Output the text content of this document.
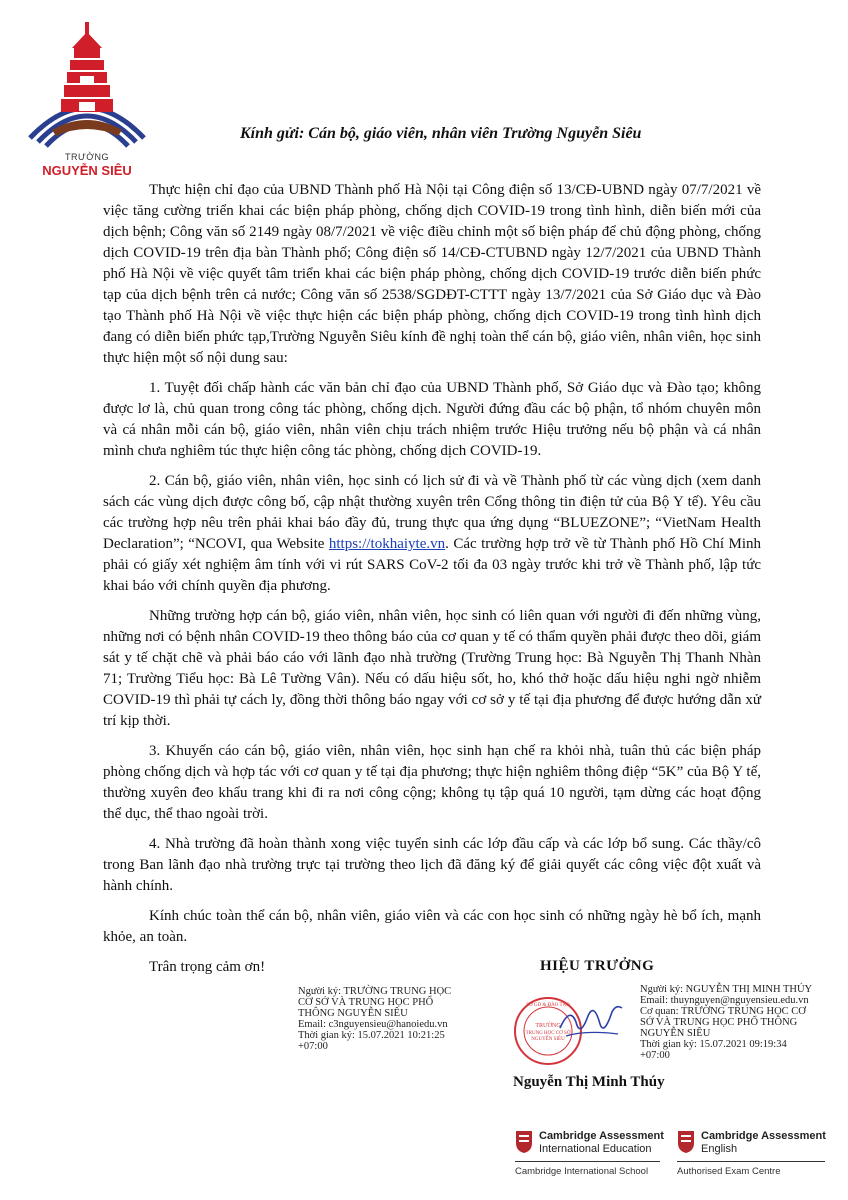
TRƯỜNG
NGUYỄN SIÊU
Kính gửi: Cán bộ, giáo viên, nhân viên Trường Nguyễn Siêu

Thực hiện chỉ đạo của UBND Thành phố Hà Nội tại Công điện số 13/CĐ-UBND ngày 07/7/2021 về việc tăng cường triển khai các biện pháp phòng, chống dịch COVID-19 trong tình hình, diễn biến mới của dịch bệnh; Công văn số 2149 ngày 08/7/2021 về việc điều chỉnh một số biện pháp để chủ động phòng, chống dịch COVID-19 trên địa bàn Thành phố; Công điện số 14/CĐ-CTUBND ngày 12/7/2021 của UBND Thành phố Hà Nội về việc quyết tâm triển khai các biện pháp phòng, chống dịch COVID-19 trước diễn biến phức tạp của dịch bệnh trên cả nước; Công văn số 2538/SGDĐT-CTTT ngày 13/7/2021 của Sở Giáo dục và Đào tạo Thành phố Hà Nội về việc thực hiện các biện pháp phòng, chống dịch COVID-19 trong tình hình dịch đang có diễn biến phức tạp,Trường Nguyễn Siêu kính đề nghị toàn thể cán bộ, giáo viên, nhân viên, học sinh thực hiện một số nội dung sau:

1. Tuyệt đối chấp hành các văn bản chỉ đạo của UBND Thành phố, Sở Giáo dục và Đào tạo; không được lơ là, chủ quan trong công tác phòng, chống dịch. Người đứng đầu các bộ phận, tổ nhóm chuyên môn và cá nhân mỗi cán bộ, giáo viên, nhân viên chịu trách nhiệm trước Hiệu trưởng nếu bộ phận và cá nhân mình chưa nghiêm túc thực hiện công tác phòng, chống dịch COVID-19.

2. Cán bộ, giáo viên, nhân viên, học sinh có lịch sử đi và về Thành phố từ các vùng dịch (xem danh sách các vùng dịch được công bố, cập nhật thường xuyên trên Cổng thông tin điện tử của Bộ Y tế). Yêu cầu các trường hợp nêu trên phải khai báo đầy đủ, trung thực qua ứng dụng “BLUEZONE”; “VietNam Health Declaration”; “NCOVI, qua Website https://tokhaiyte.vn. Các trường hợp trở về từ Thành phố Hồ Chí Minh phải có giấy xét nghiệm âm tính với vi rút SARS CoV-2 tối đa 03 ngày trước khi trở về Thành phố, lập tức khai báo với chính quyền địa phương.

Những trường hợp cán bộ, giáo viên, nhân viên, học sinh có liên quan với người đi đến những vùng, những nơi có bệnh nhân COVID-19 theo thông báo của cơ quan y tế có thẩm quyền phải được theo dõi, giám sát y tế chặt chẽ và phải báo cáo với lãnh đạo nhà trường (Trường Trung học: Bà Nguyễn Thị Thanh Nhàn 71; Trường Tiểu học: Bà Lê Tường Vân). Nếu có dấu hiệu sốt, ho, khó thở hoặc dấu hiệu nghi ngờ nhiễm COVID-19 thì phải tự cách ly, đồng thời thông báo ngay với cơ sở y tế tại địa phương để được hướng dẫn xử trí kịp thời.

3. Khuyến cáo cán bộ, giáo viên, nhân viên, học sinh hạn chế ra khỏi nhà, tuân thủ các biện pháp phòng chống dịch và hợp tác với cơ quan y tế tại địa phương; thực hiện nghiêm thông điệp “5K” của Bộ Y tế, thường xuyên đeo khẩu trang khi đi ra nơi công cộng; không tụ tập quá 10 người, tạm dừng các hoạt động thể dục, thể thao ngoài trời.

4. Nhà trường đã hoàn thành xong việc tuyển sinh các lớp đầu cấp và các lớp bổ sung. Các thầy/cô trong Ban lãnh đạo nhà trường trực tại trường theo lịch đã đăng ký để giải quyết các công việc đột xuất và hành chính.

Kính chúc toàn thể cán bộ, nhân viên, giáo viên và các con học sinh có những ngày hè bổ ích, mạnh khỏe, an toàn.

Trân trọng cảm ơn!	HIỆU TRƯỞNG
Người ký: TRƯỜNG TRUNG HỌC
CƠ SỞ VÀ TRUNG HỌC PHỔ
THÔNG NGUYỄN SIÊU
Email: c3nguyensieu@hanoiedu.vn
Thời gian ký: 15.07.2021 10:21:25
+07:00
TRƯỜNG
TRUNG HỌC CƠ SỞ
NGUYỄN SIÊU
SỞ GD & ĐÀO TẠO
Người ký: NGUYỄN THỊ MINH THÚY
Email: thuynguyen@nguyensieu.edu.vn
Cơ quan: TRƯỜNG TRUNG HỌC CƠ
SỞ VÀ TRUNG HỌC PHỔ THÔNG
NGUYỄN SIÊU
Thời gian ký: 15.07.2021 09:19:34
+07:00
Nguyễn Thị Minh Thúy
Cambridge Assessment
International Education
Cambridge International School
Cambridge Assessment
English
Authorised Exam Centre
